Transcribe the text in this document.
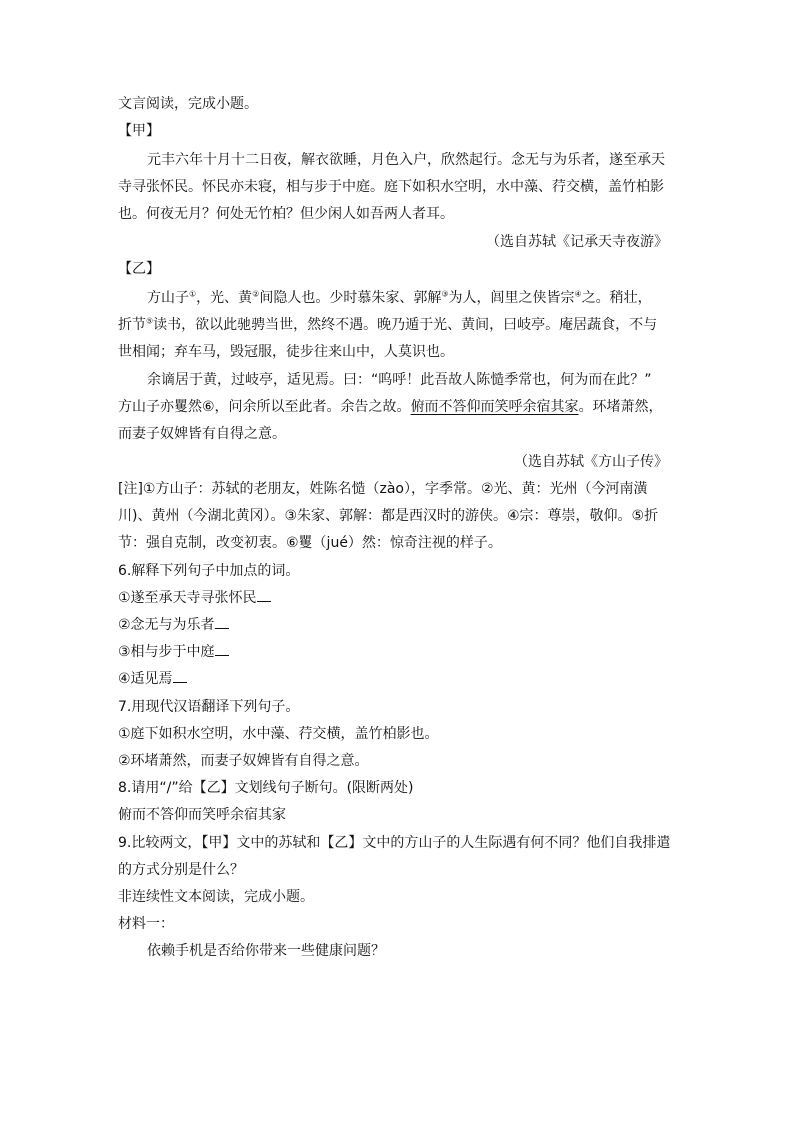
文言阅读，完成小题。
【甲】
元丰六年十月十二日夜，解衣欲睡，月色入户，欣然起行。念无与为乐者，遂至承天
寺寻张怀民。怀民亦未寝，相与步于中庭。庭下如积水空明，水中藻、荇交横，盖竹柏影
也。何夜无月？何处无竹柏？但少闲人如吾两人者耳。
（选自苏轼《记承天寺夜游》
【乙】
方山子①，光、黄②间隐人也。少时慕朱家、郭解③为人，闾里之侠皆宗④之。稍壮，
折节⑤读书，欲以此驰骋当世，然终不遇。晚乃遁于光、黄间，曰岐亭。庵居蔬食，不与
世相闻；弃车马，毁冠服，徒步往来山中，人莫识也。
余谪居于黄，过岐亭，适见焉。曰：“呜呼！此吾故人陈慥季常也，何为而在此？”
方山子亦矍然⑥，问余所以至此者。余告之故。俯而不答仰而笑呼余宿其家。环堵萧然，
而妻子奴婢皆有自得之意。
（选自苏轼《方山子传》
[注]①方山子：苏轼的老朋友，姓陈名慥（zào），字季常。②光、黄：光州（今河南潢
川)、黄州（今湖北黄冈）。③朱家、郭解：都是西汉时的游侠。④宗：尊崇，敬仰。⑤折
节：强自克制，改变初衷。⑥矍（jué）然：惊奇注视的样子。
6.解释下列句子中加点的词。
①遂至承天寺寻张怀民
②念无与为乐者
③相与步于中庭
④适见焉
7.用现代汉语翻译下列句子。
①庭下如积水空明，水中藻、荇交横，盖竹柏影也。
②环堵萧然，而妻子奴婢皆有自得之意。
8.请用“/”给【乙】文划线句子断句。(限断两处)
俯而不答仰而笑呼余宿其家
9.比较两文，【甲】文中的苏轼和【乙】文中的方山子的人生际遇有何不同？他们自我排遣
的方式分别是什么？
非连续性文本阅读，完成小题。
材料一：
依赖手机是否给你带来一些健康问题？
